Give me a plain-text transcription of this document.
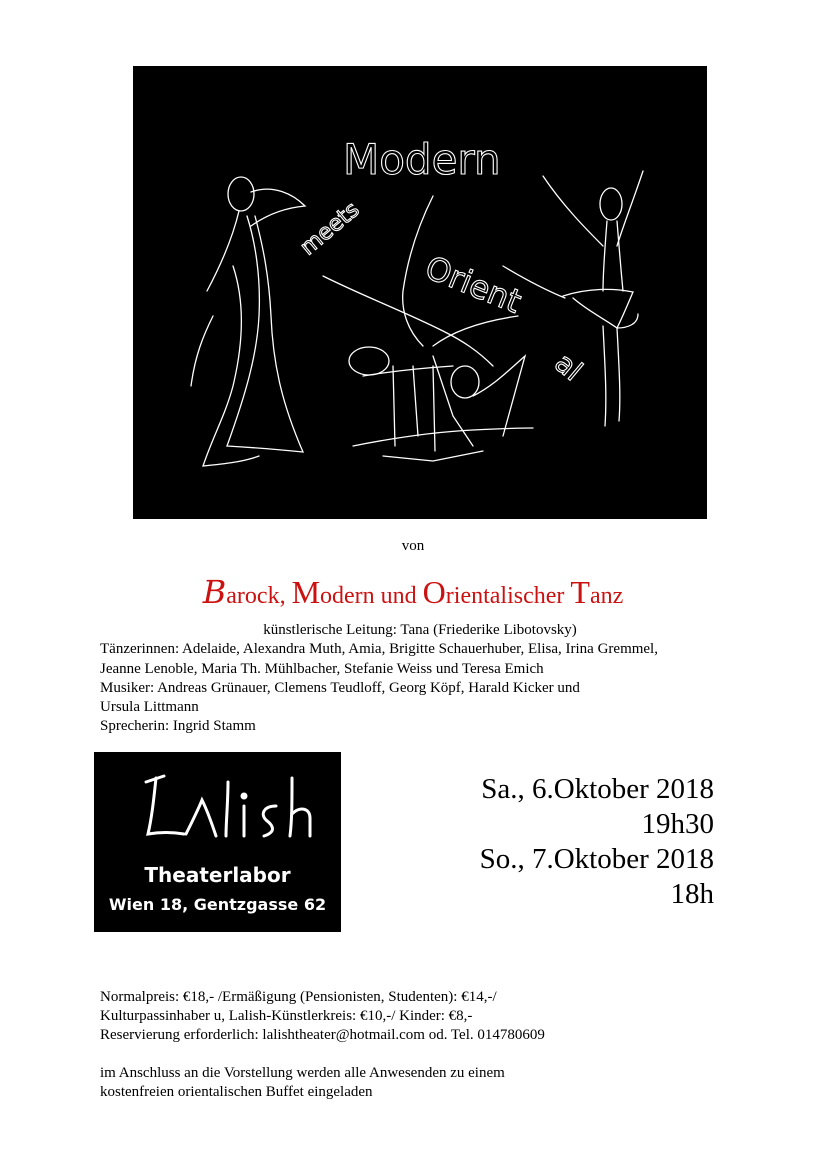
Modern
meets
Orient
al
von
Barock, Modern und Orientalischer Tanz
künstlerische Leitung: Tana (Friederike Libotovsky)
Tänzerinnen: Adelaide, Alexandra Muth, Amia, Brigitte Schauerhuber, Elisa, Irina Gremmel,
Jeanne Lenoble, Maria Th. Mühlbacher, Stefanie Weiss und Teresa Emich
Musiker: Andreas Grünauer, Clemens Teudloff, Georg Köpf, Harald Kicker und
Ursula Littmann
Sprecherin: Ingrid Stamm
Theaterlabor
Wien 18, Gentzgasse 62
Sa., 6.Oktober 2018
19h30
So., 7.Oktober 2018
18h
Normalpreis: €18,- /Ermäßigung (Pensionisten, Studenten): €14,-/
Kulturpassinhaber u, Lalish-Künstlerkreis: €10,-/ Kinder: €8,-
Reservierung erforderlich: lalishtheater@hotmail.com od. Tel. 014780609
im Anschluss an die Vorstellung werden alle Anwesenden zu einem
kostenfreien orientalischen Buffet eingeladen
